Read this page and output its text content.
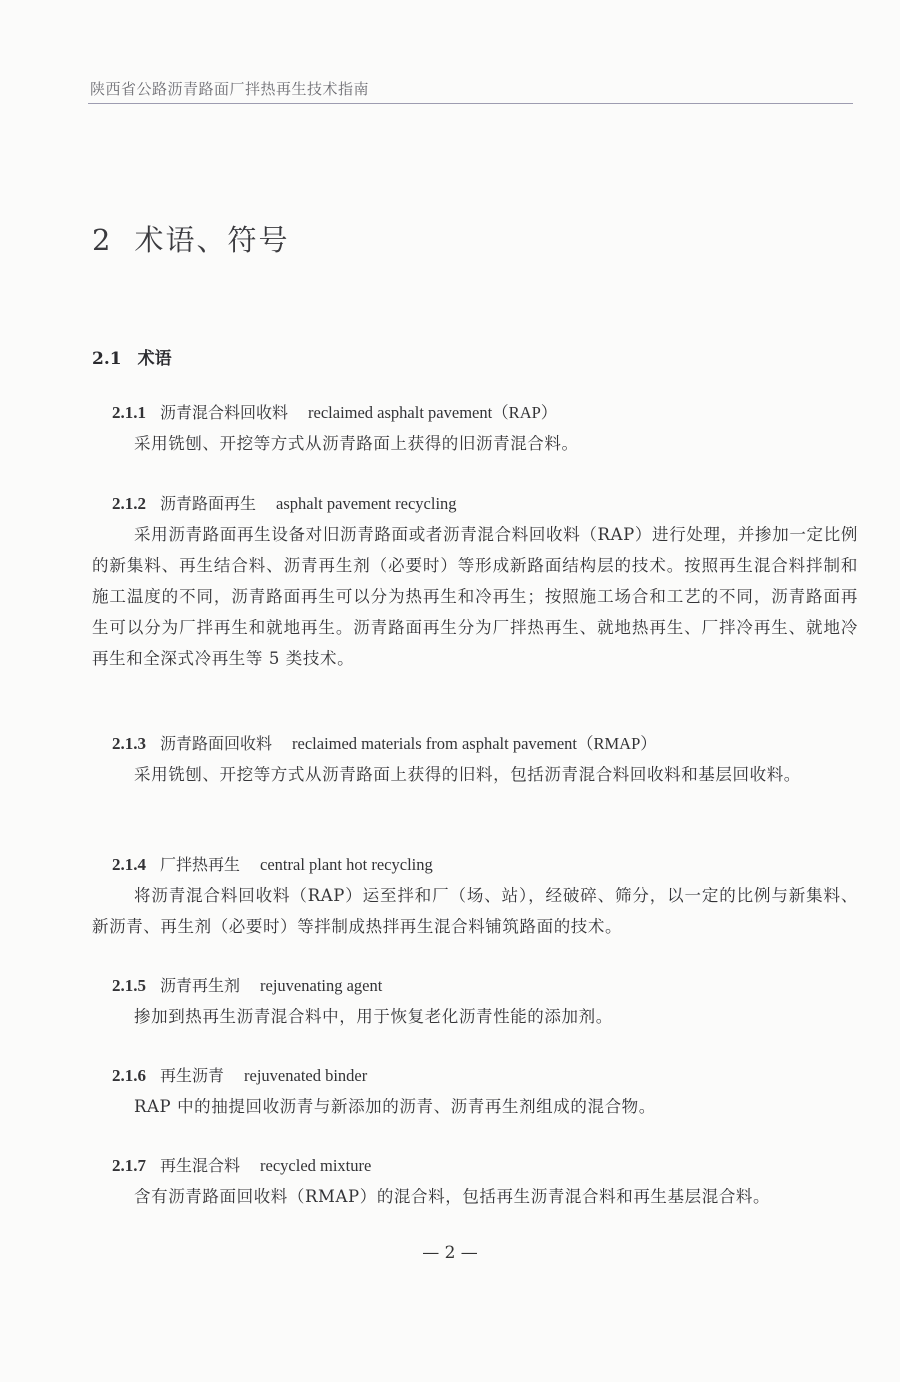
陕西省公路沥青路面厂拌热再生技术指南
2 术语、符号
2.1 术语
2.1.1 沥青混合料回收料 reclaimed asphalt pavement（RAP）
采用铣刨、开挖等方式从沥青路面上获得的旧沥青混合料。
2.1.2 沥青路面再生 asphalt pavement recycling
采用沥青路面再生设备对旧沥青路面或者沥青混合料回收料（RAP）进行处理，并掺加一定比例的新集料、再生结合料、沥青再生剂（必要时）等形成新路面结构层的技术。按照再生混合料拌制和施工温度的不同，沥青路面再生可以分为热再生和冷再生；按照施工场合和工艺的不同，沥青路面再生可以分为厂拌再生和就地再生。沥青路面再生分为厂拌热再生、就地热再生、厂拌冷再生、就地冷再生和全深式冷再生等 5 类技术。
2.1.3 沥青路面回收料 reclaimed materials from asphalt pavement（RMAP）
采用铣刨、开挖等方式从沥青路面上获得的旧料，包括沥青混合料回收料和基层回收料。
2.1.4 厂拌热再生 central plant hot recycling
将沥青混合料回收料（RAP）运至拌和厂（场、站），经破碎、筛分，以一定的比例与新集料、新沥青、再生剂（必要时）等拌制成热拌再生混合料铺筑路面的技术。
2.1.5 沥青再生剂 rejuvenating agent
掺加到热再生沥青混合料中，用于恢复老化沥青性能的添加剂。
2.1.6 再生沥青 rejuvenated binder
RAP 中的抽提回收沥青与新添加的沥青、沥青再生剂组成的混合物。
2.1.7 再生混合料 recycled mixture
含有沥青路面回收料（RMAP）的混合料，包括再生沥青混合料和再生基层混合料。
— 2 —
